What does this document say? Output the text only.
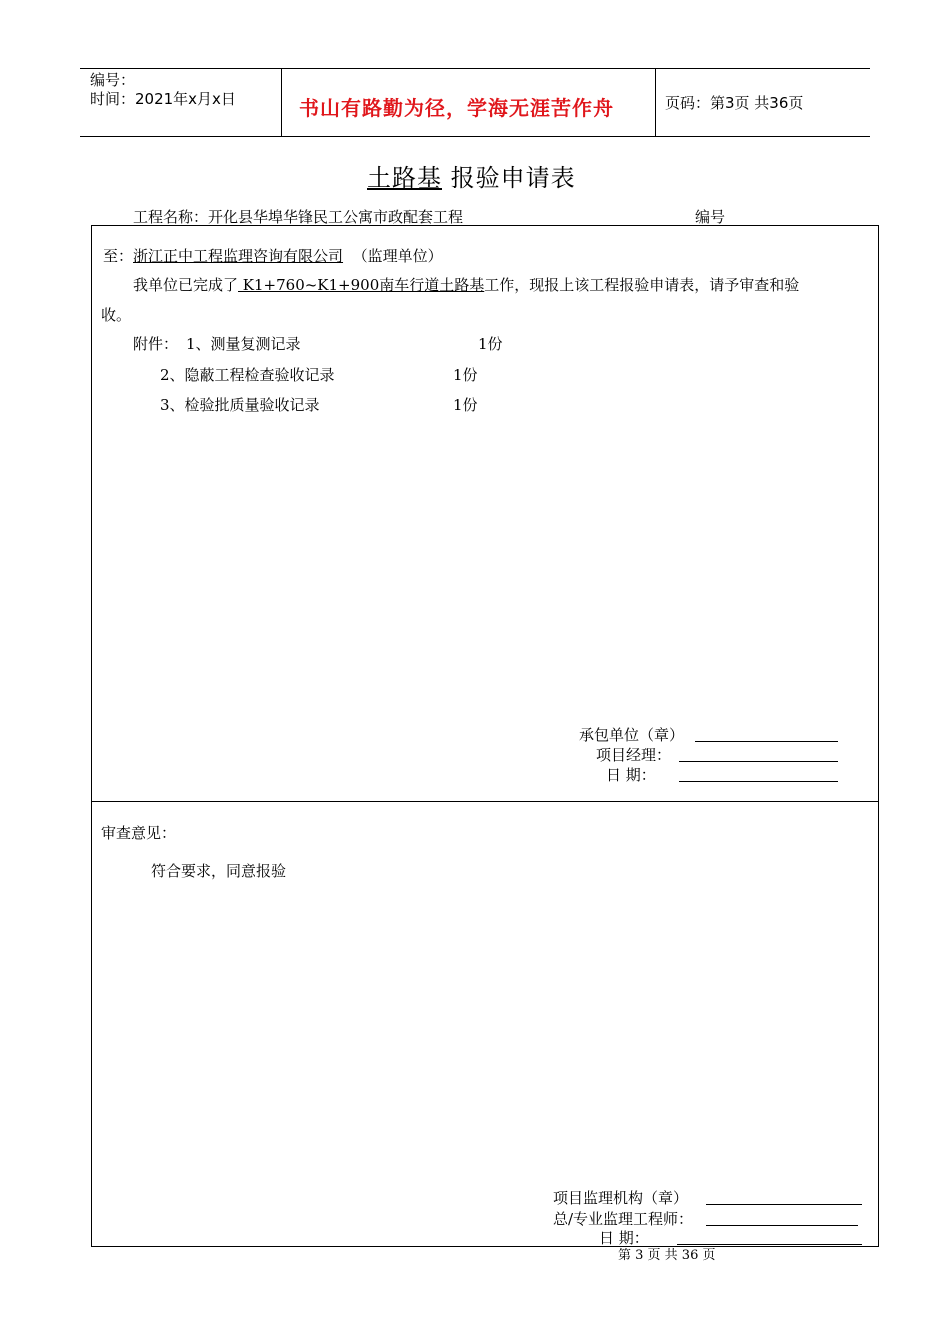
编号：
时间：2021年x月x日	书山有路勤为径，学海无涯苦作舟	页码：第3页 共36页
土路基 报验申请表
工程名称：开化县华埠华锋民工公寓市政配套工程	编号
至：浙江正中工程监理咨询有限公司 （监理单位）
我单位已完成了 K1+760~K1+900南车行道土路基工作，现报上该工程报验申请表，请予审查和验
收。
附件： 1、测量复测记录	1份
2、隐蔽工程检查验收记录	1份
3、检验批质量验收记录	1份
承包单位（章）
项目经理：
日 期：
审查意见：
符合要求，同意报验
项目监理机构（章）
总/专业监理工程师：
日 期：
第 3 页 共 36 页
